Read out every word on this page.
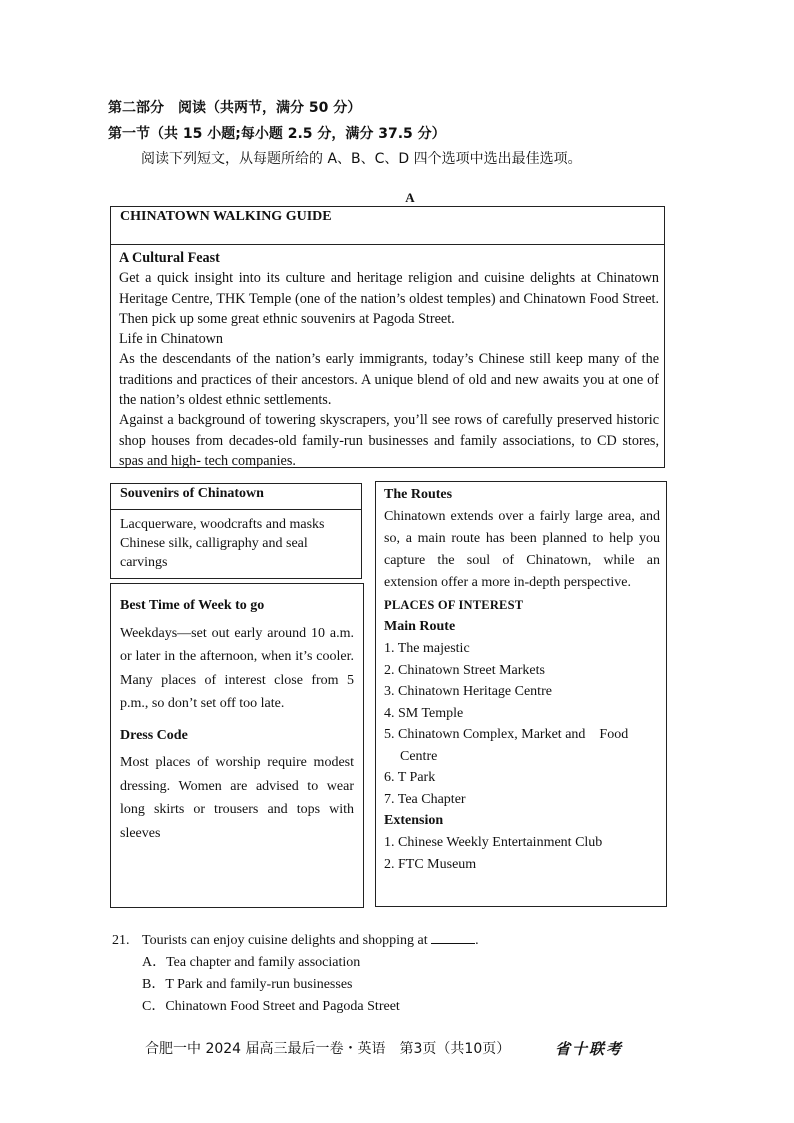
第二部分　阅读（共两节，满分 50 分）
第一节（共 15 小题;每小题 2.5 分，满分 37.5 分）
阅读下列短文，从每题所给的 A、B、C、D 四个选项中选出最佳选项。
A
CHINATOWN WALKING GUIDE
A Cultural Feast
Get a quick insight into its culture and heritage religion and cuisine delights at Chinatown Heritage Centre, THK Temple (one of the nation’s oldest temples) and Chinatown Food Street. Then pick up some great ethnic souvenirs at Pagoda Street.
Life in Chinatown
As the descendants of the nation’s early immigrants, today’s Chinese still keep many of the traditions and practices of their ancestors. A unique blend of old and new awaits you at one of the nation’s oldest ethnic settlements.
Against a background of towering skyscrapers, you’ll see rows of carefully preserved historic shop houses from decades-old family-run businesses and family associations, to CD stores, spas and high- tech companies.
Souvenirs of Chinatown
Lacquerware, woodcrafts and masks
Chinese silk, calligraphy and seal carvings
Best Time of Week to go
Weekdays—set out early around 10 a.m. or later in the afternoon, when it’s cooler. Many places of interest close from 5 p.m., so don’t set off too late.
Dress Code
Most places of worship require modest dressing. Women are advised to wear long skirts or trousers and tops with sleeves
The Routes
Chinatown extends over a fairly large area, and so, a main route has been planned to help you capture the soul of Chinatown, while an extension offer a more in-depth perspective.
PLACES OF INTEREST
Main Route
1. The majestic
2. Chinatown Street Markets
3. Chinatown Heritage Centre
4. SM Temple
5. Chinatown Complex, Market and　Food Centre
6. T Park
7. Tea Chapter
Extension
1. Chinese Weekly Entertainment Club
2. FTC Museum
21. Tourists can enjoy cuisine delights and shopping at	.
A．Tea chapter and family association
B．T Park and family-run businesses
C．Chinatown Food Street and Pagoda Street
合肥一中 2024 届高三最后一卷・英语　第3页（共10页）	省十联考
